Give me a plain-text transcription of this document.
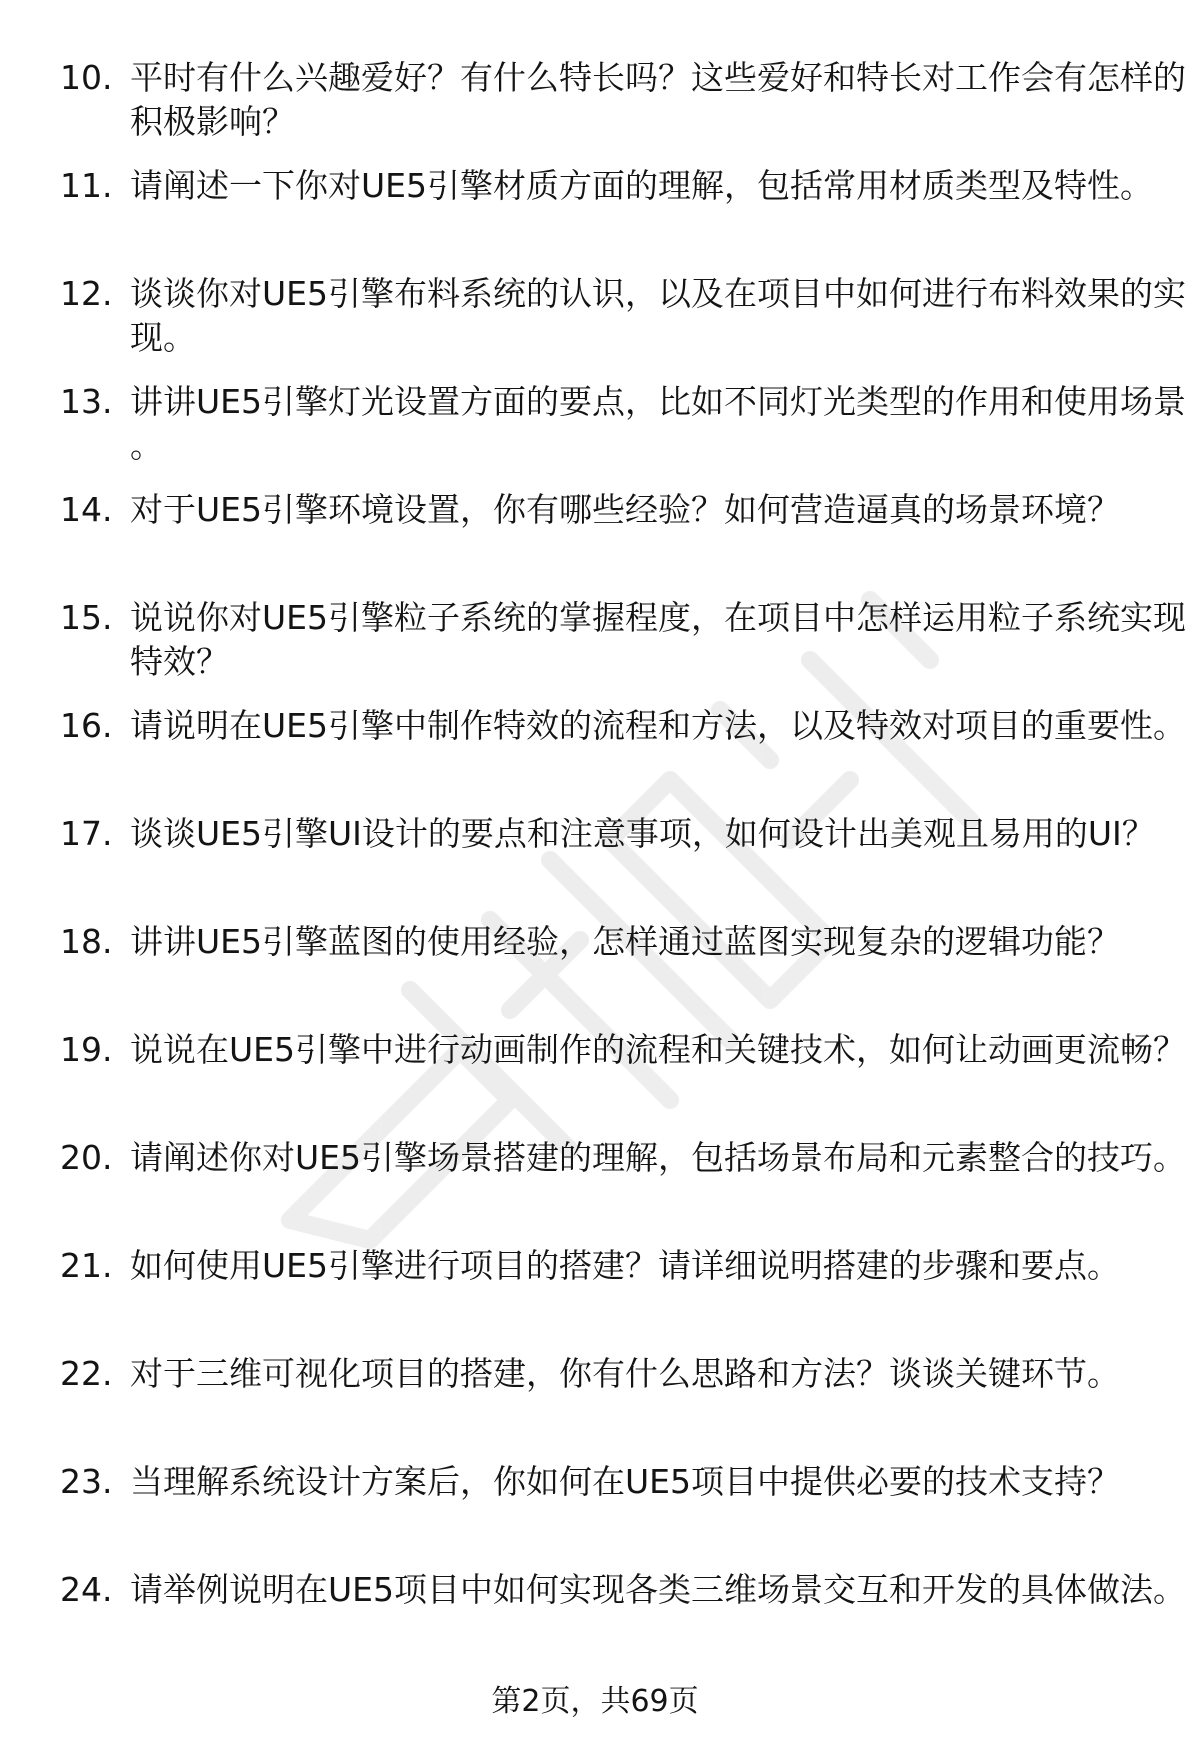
10. 平时有什么兴趣爱好？有什么特长吗？这些爱好和特长对工作会有怎样的积极影响？
11. 请阐述一下你对UE5引擎材质方面的理解，包括常用材质类型及特性。
12. 谈谈你对UE5引擎布料系统的认识，以及在项目中如何进行布料效果的实现。
13. 讲讲UE5引擎灯光设置方面的要点，比如不同灯光类型的作用和使用场景。
14. 对于UE5引擎环境设置，你有哪些经验？如何营造逼真的场景环境？
15. 说说你对UE5引擎粒子系统的掌握程度，在项目中怎样运用粒子系统实现特效？
16. 请说明在UE5引擎中制作特效的流程和方法，以及特效对项目的重要性。
17. 谈谈UE5引擎UI设计的要点和注意事项，如何设计出美观且易用的UI？
18. 讲讲UE5引擎蓝图的使用经验，怎样通过蓝图实现复杂的逻辑功能？
19. 说说在UE5引擎中进行动画制作的流程和关键技术，如何让动画更流畅？
20. 请阐述你对UE5引擎场景搭建的理解，包括场景布局和元素整合的技巧。
21. 如何使用UE5引擎进行项目的搭建？请详细说明搭建的步骤和要点。
22. 对于三维可视化项目的搭建，你有什么思路和方法？谈谈关键环节。
23. 当理解系统设计方案后，你如何在UE5项目中提供必要的技术支持？
24. 请举例说明在UE5项目中如何实现各类三维场景交互和开发的具体做法。
第2页，共69页
